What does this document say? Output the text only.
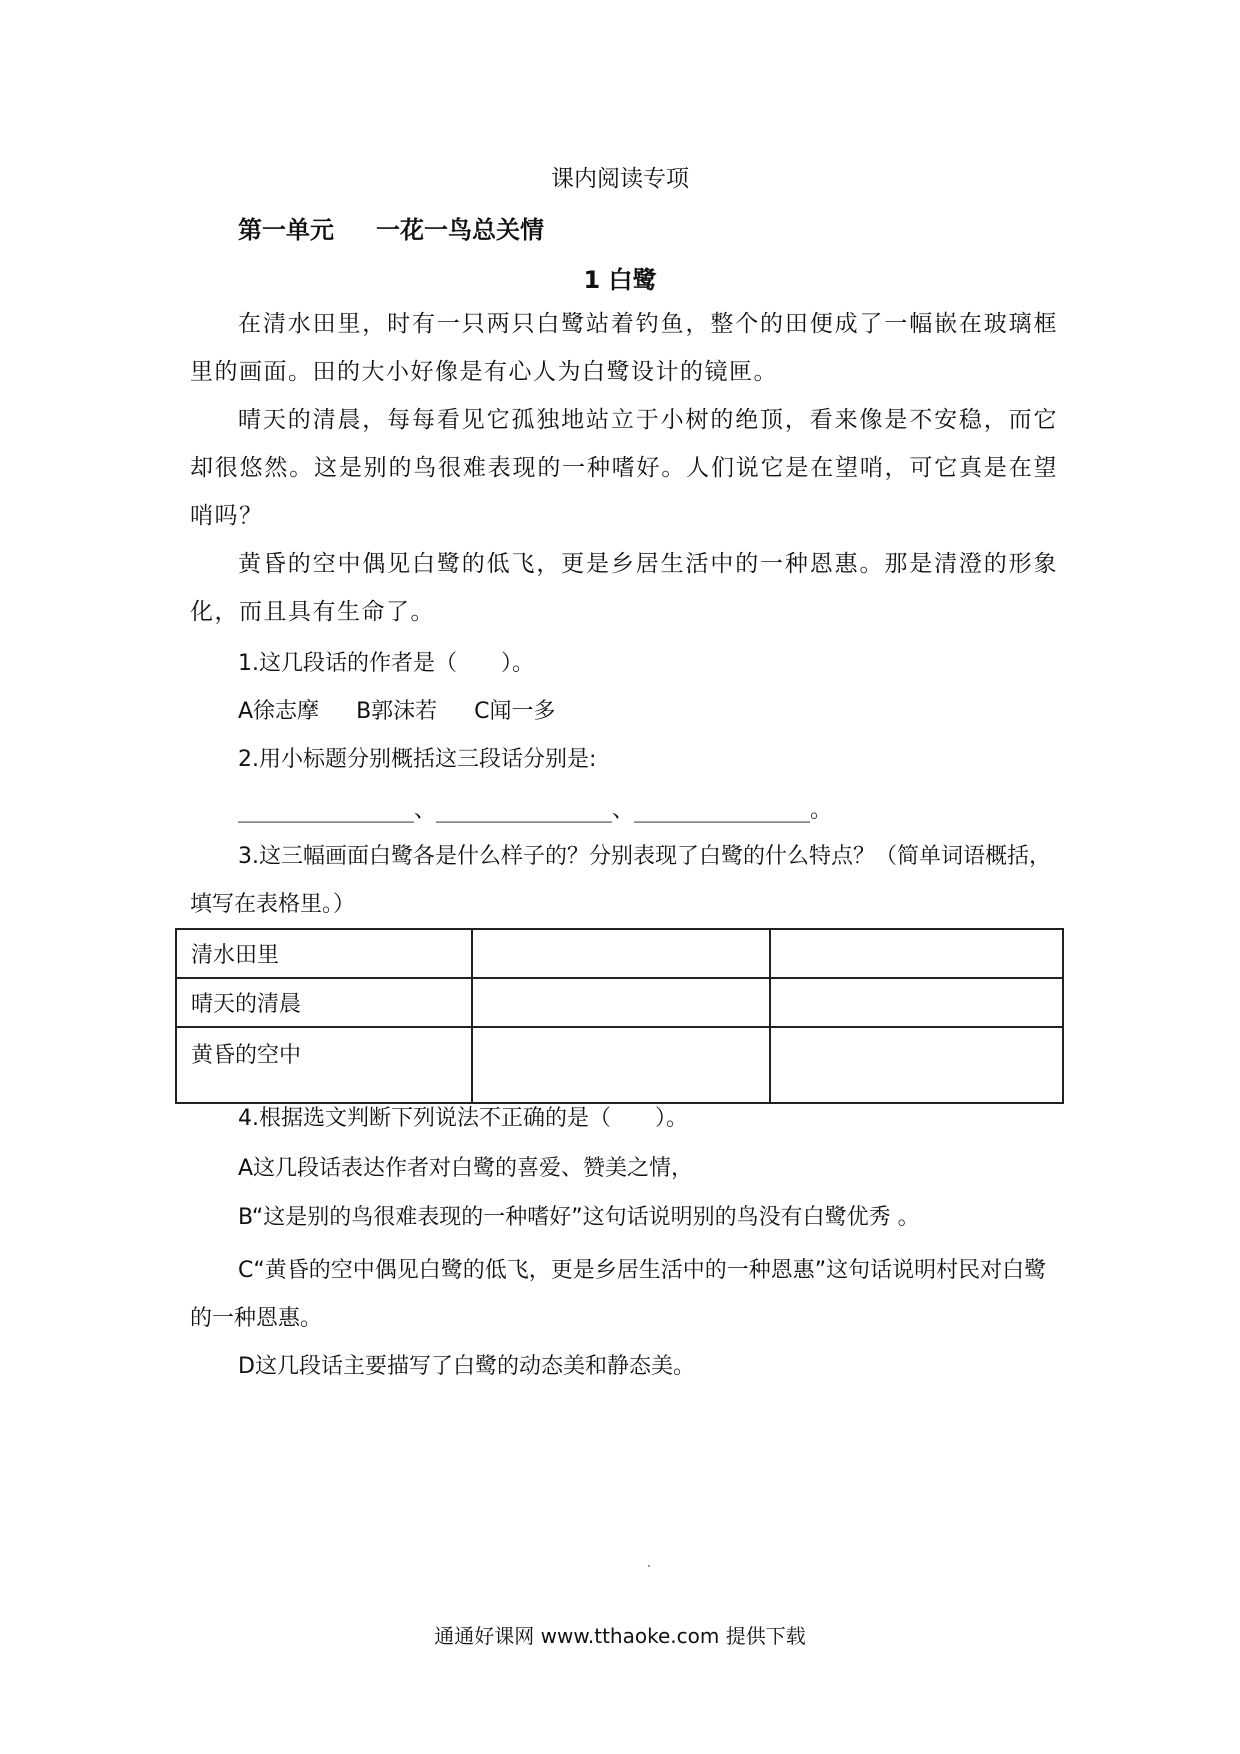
课内阅读专项
第一单元 一花一鸟总关情
1 白鹭
在清水田里，时有一只两只白鹭站着钓鱼，整个的田便成了一幅嵌在玻璃框里的画面。田的大小好像是有心人为白鹭设计的镜匣。
晴天的清晨，每每看见它孤独地站立于小树的绝顶，看来像是不安稳，而它却很悠然。这是别的鸟很难表现的一种嗜好。人们说它是在望哨，可它真是在望哨吗？
黄昏的空中偶见白鹭的低飞，更是乡居生活中的一种恩惠。那是清澄的形象化，而且具有生命了。
1.这几段话的作者是（　　）。
A徐志摩 B郭沫若 C闻一多
2.用小标题分别概括这三段话分别是:
________________、________________、________________。
3.这三幅画面白鹭各是什么样子的？分别表现了白鹭的什么特点？（简单词语概括，填写在表格里。）
清水田里		
晴天的清晨		
黄昏的空中		
4.根据选文判断下列说法不正确的是（　　）。
A这几段话表达作者对白鹭的喜爱、赞美之情，
B“这是别的鸟很难表现的一种嗜好”这句话说明别的鸟没有白鹭优秀 。
C“黄昏的空中偶见白鹭的低飞，更是乡居生活中的一种恩惠”这句话说明村民对白鹭的一种恩惠。
D这几段话主要描写了白鹭的动态美和静态美。
通通好课网 www.tthaoke.com 提供下载
